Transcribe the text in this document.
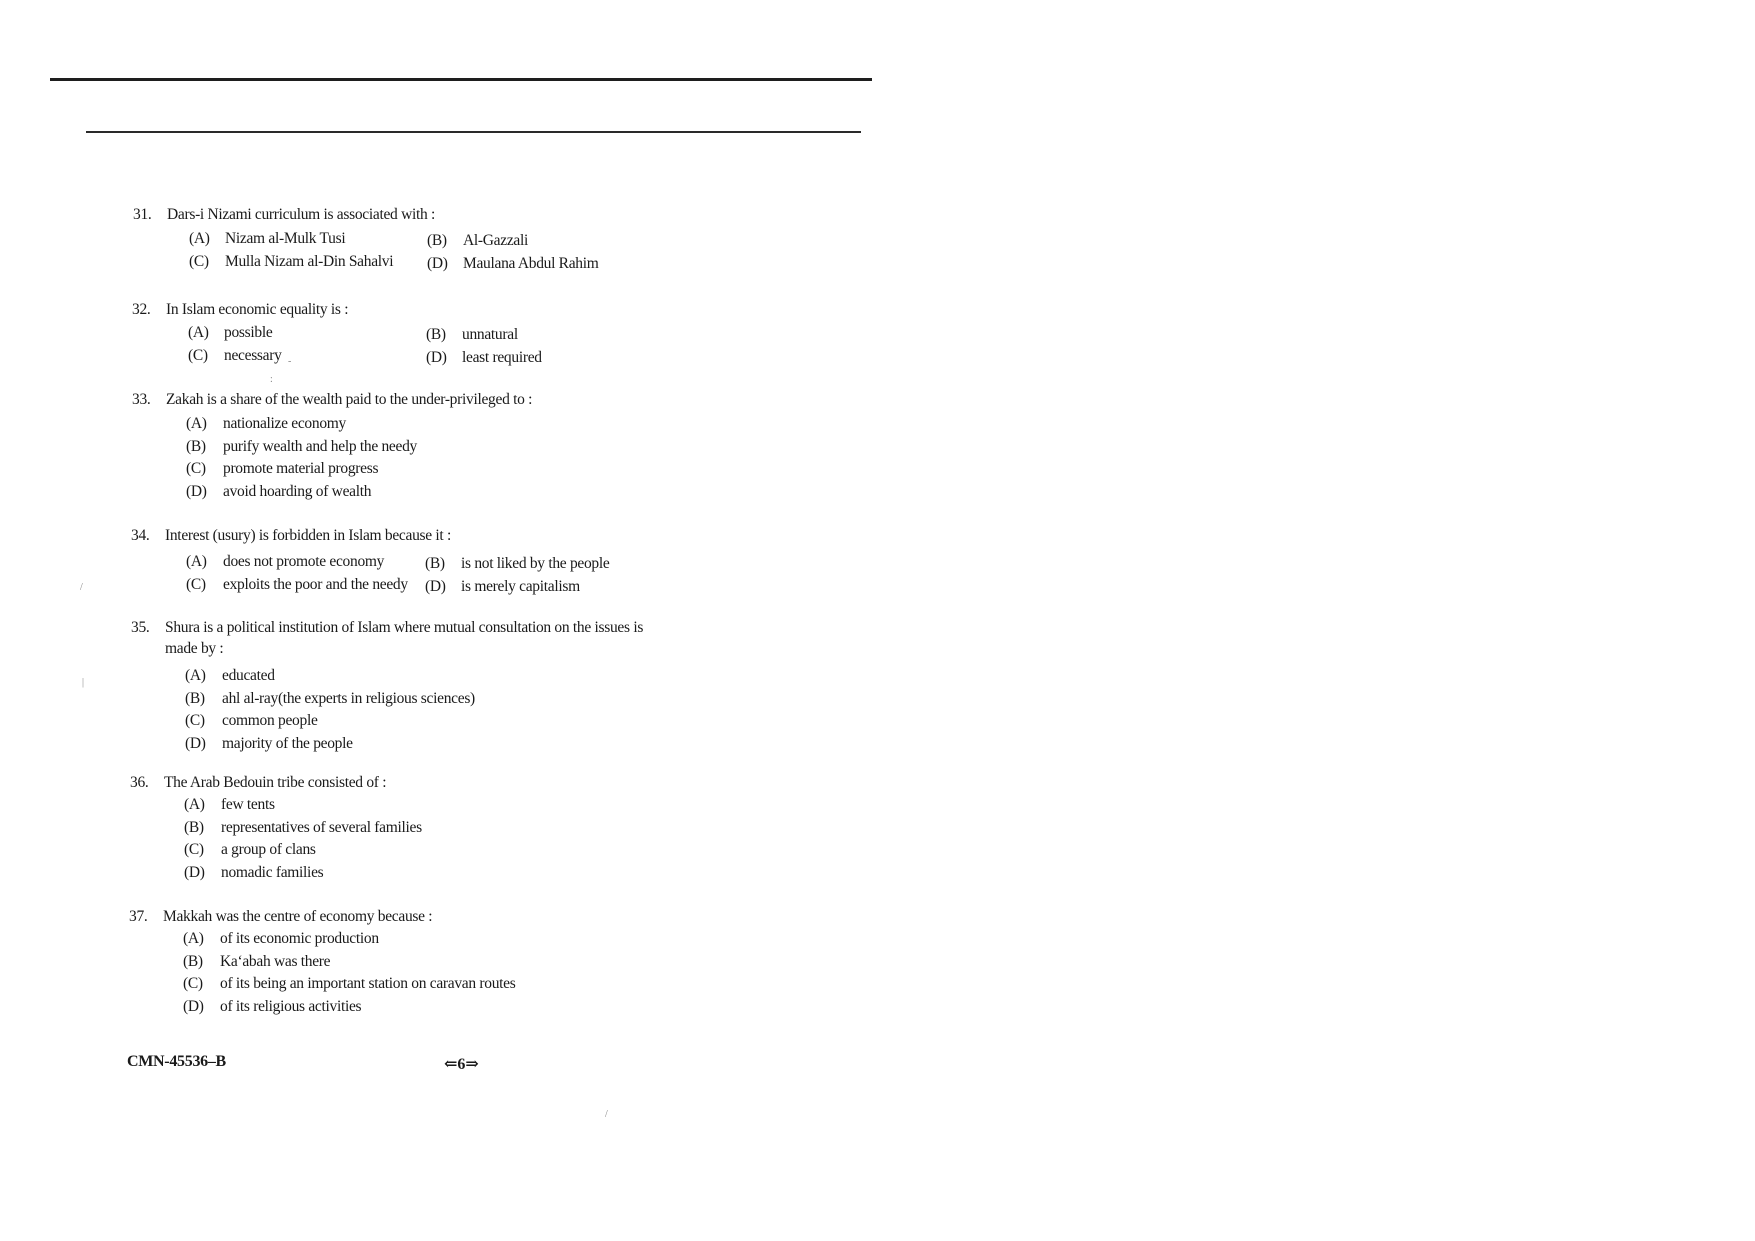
31. Dars-i Nizami curriculum is associated with :
(A) Nizam al-Mulk Tusi	(B) Al-Gazzali
(C) Mulla Nizam al-Din Sahalvi (D) Maulana Abdul Rahim
32. In Islam economic equality is :
(A) possible	(B) unnatural
(C) necessary	(D) least required
33. Zakah is a share of the wealth paid to the under-privileged to :
(A) nationalize economy
(B) purify wealth and help the needy
(C) promote material progress
(D) avoid hoarding of wealth
34. Interest (usury) is forbidden in Islam because it :
(A) does not promote economy	(B) is not liked by the people
(C) exploits the poor and the needy (D) is merely capitalism
35. Shura is a political institution of Islam where mutual consultation on the issues is
made by :
(A) educated
(B) ahl al-ray(the experts in religious sciences)
(C) common people
(D) majority of the people
36. The Arab Bedouin tribe consisted of :
(A) few tents
(B) representatives of several families
(C) a group of clans
(D) nomadic families
37. Makkah was the centre of economy because :
(A) of its economic production
(B) Ka‘abah was there
(C) of its being an important station on caravan routes
(D) of its religious activities
CMN-45536–B	⇐6⇒
/
|
/
:
-
